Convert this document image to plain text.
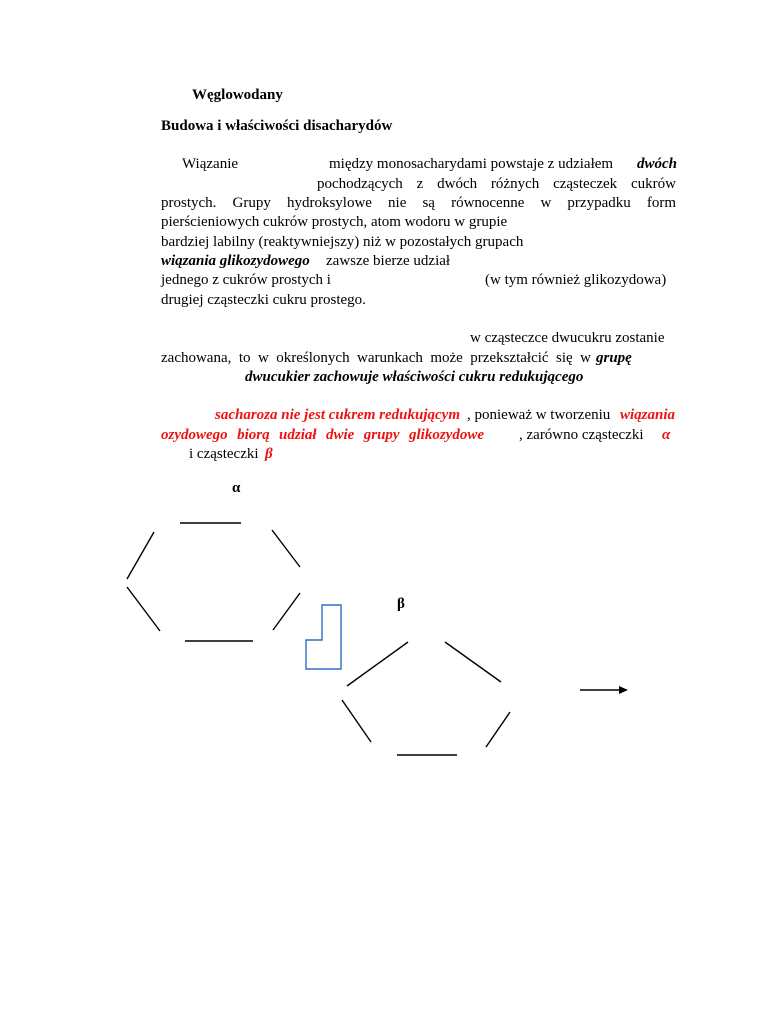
Węglowodany

Budowa i właściwości disacharydów

Wiązanie	między monosacharydami powstaje z udziałem dwóch

pochodzących z dwóch różnych cząsteczek cukrów

prostych. Grupy hydroksylowe nie są równocenne w przypadku form

pierścieniowych cukrów prostych, atom wodoru w grupie

bardziej labilny (reaktywniejszy) niż w pozostałych grupach

wiązania glikozydowego zawsze bierze udział

jednego z cukrów prostych i	(w tym również glikozydowa)

drugiej cząsteczki cukru prostego.

w cząsteczce dwucukru zostanie

zachowana, to w określonych warunkach może przekształcić się w grupę

dwucukier zachowuje właściwości cukru redukującego

sacharoza nie jest cukrem redukującym , ponieważ w tworzeniu wiązania

ozydowego biorą udział dwie grupy glikozydowe , zarówno cząsteczki α

i cząsteczki β

α

β
